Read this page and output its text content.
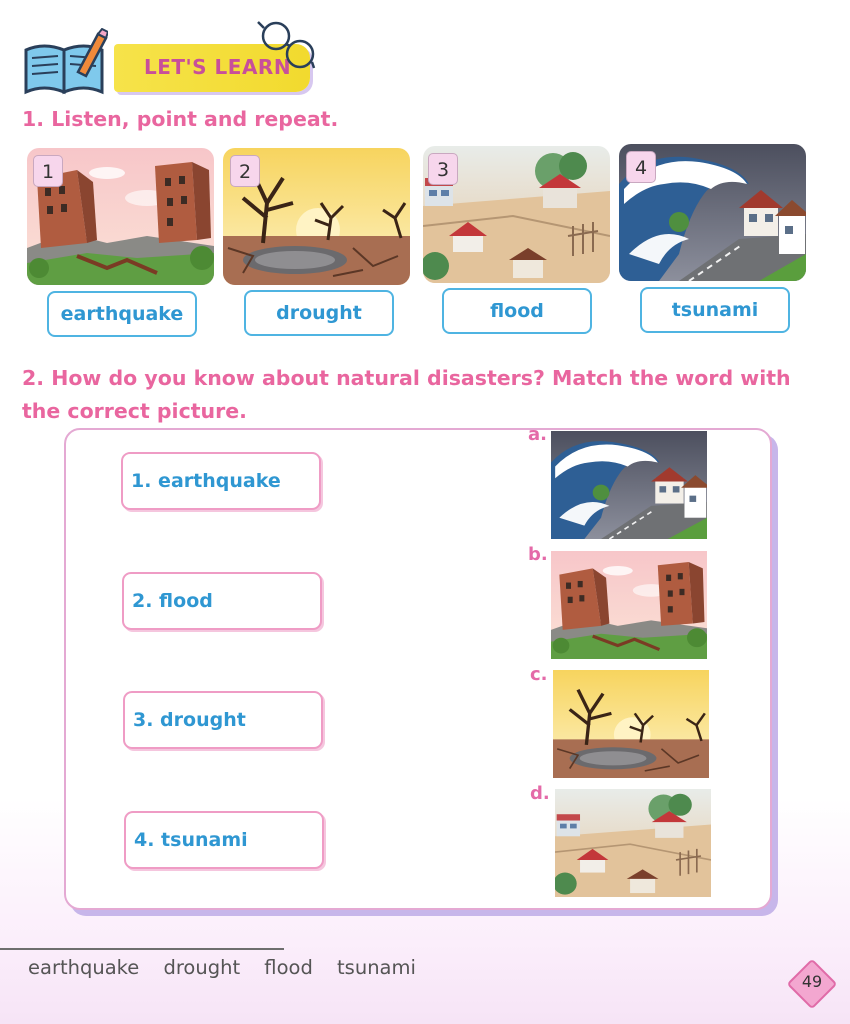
LET'S LEARN
1. Listen, point and repeat.
1	2	3	4
earthquake	drought	flood	tsunami
2. How do you know about natural disasters? Match the word with the correct picture.
1. earthquake
2. flood
3. drought
4. tsunami
a.
b.
c.
d.
earthquake drought flood tsunami
49
